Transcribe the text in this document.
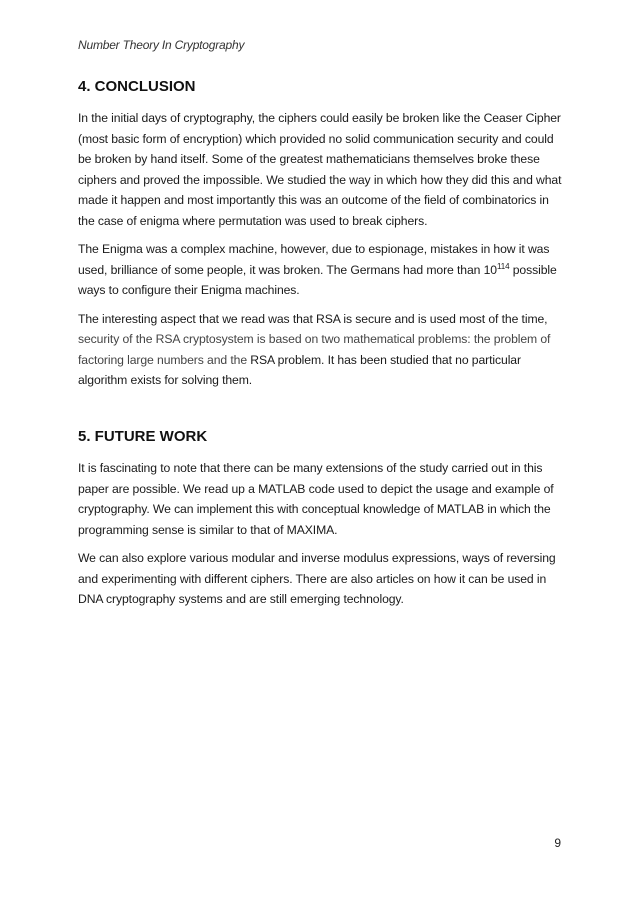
Number Theory In Cryptography
4. CONCLUSION

In the initial days of cryptography, the ciphers could easily be broken like the Ceaser Cipher (most basic form of encryption) which provided no solid communication security and could be broken by hand itself. Some of the greatest mathematicians themselves broke these ciphers and proved the impossible. We studied the way in which how they did this and what made it happen and most importantly this was an outcome of the field of combinatorics in the case of enigma where permutation was used to break ciphers.

The Enigma was a complex machine, however, due to espionage, mistakes in how it was used, brilliance of some people, it was broken. The Germans had more than $10^{114}$ possible ways to configure their Enigma machines.

The interesting aspect that we read was that RSA is secure and is used most of the time, security of the RSA cryptosystem is based on two mathematical problems: the problem of factoring large numbers and the RSA problem. It has been studied that no particular algorithm exists for solving them.

5. FUTURE WORK

It is fascinating to note that there can be many extensions of the study carried out in this paper are possible. We read up a MATLAB code used to depict the usage and example of cryptography. We can implement this with conceptual knowledge of MATLAB in which the programming sense is similar to that of MAXIMA.

We can also explore various modular and inverse modulus expressions, ways of reversing and experimenting with different ciphers. There are also articles on how it can be used in DNA cryptography systems and are still emerging technology.

9
